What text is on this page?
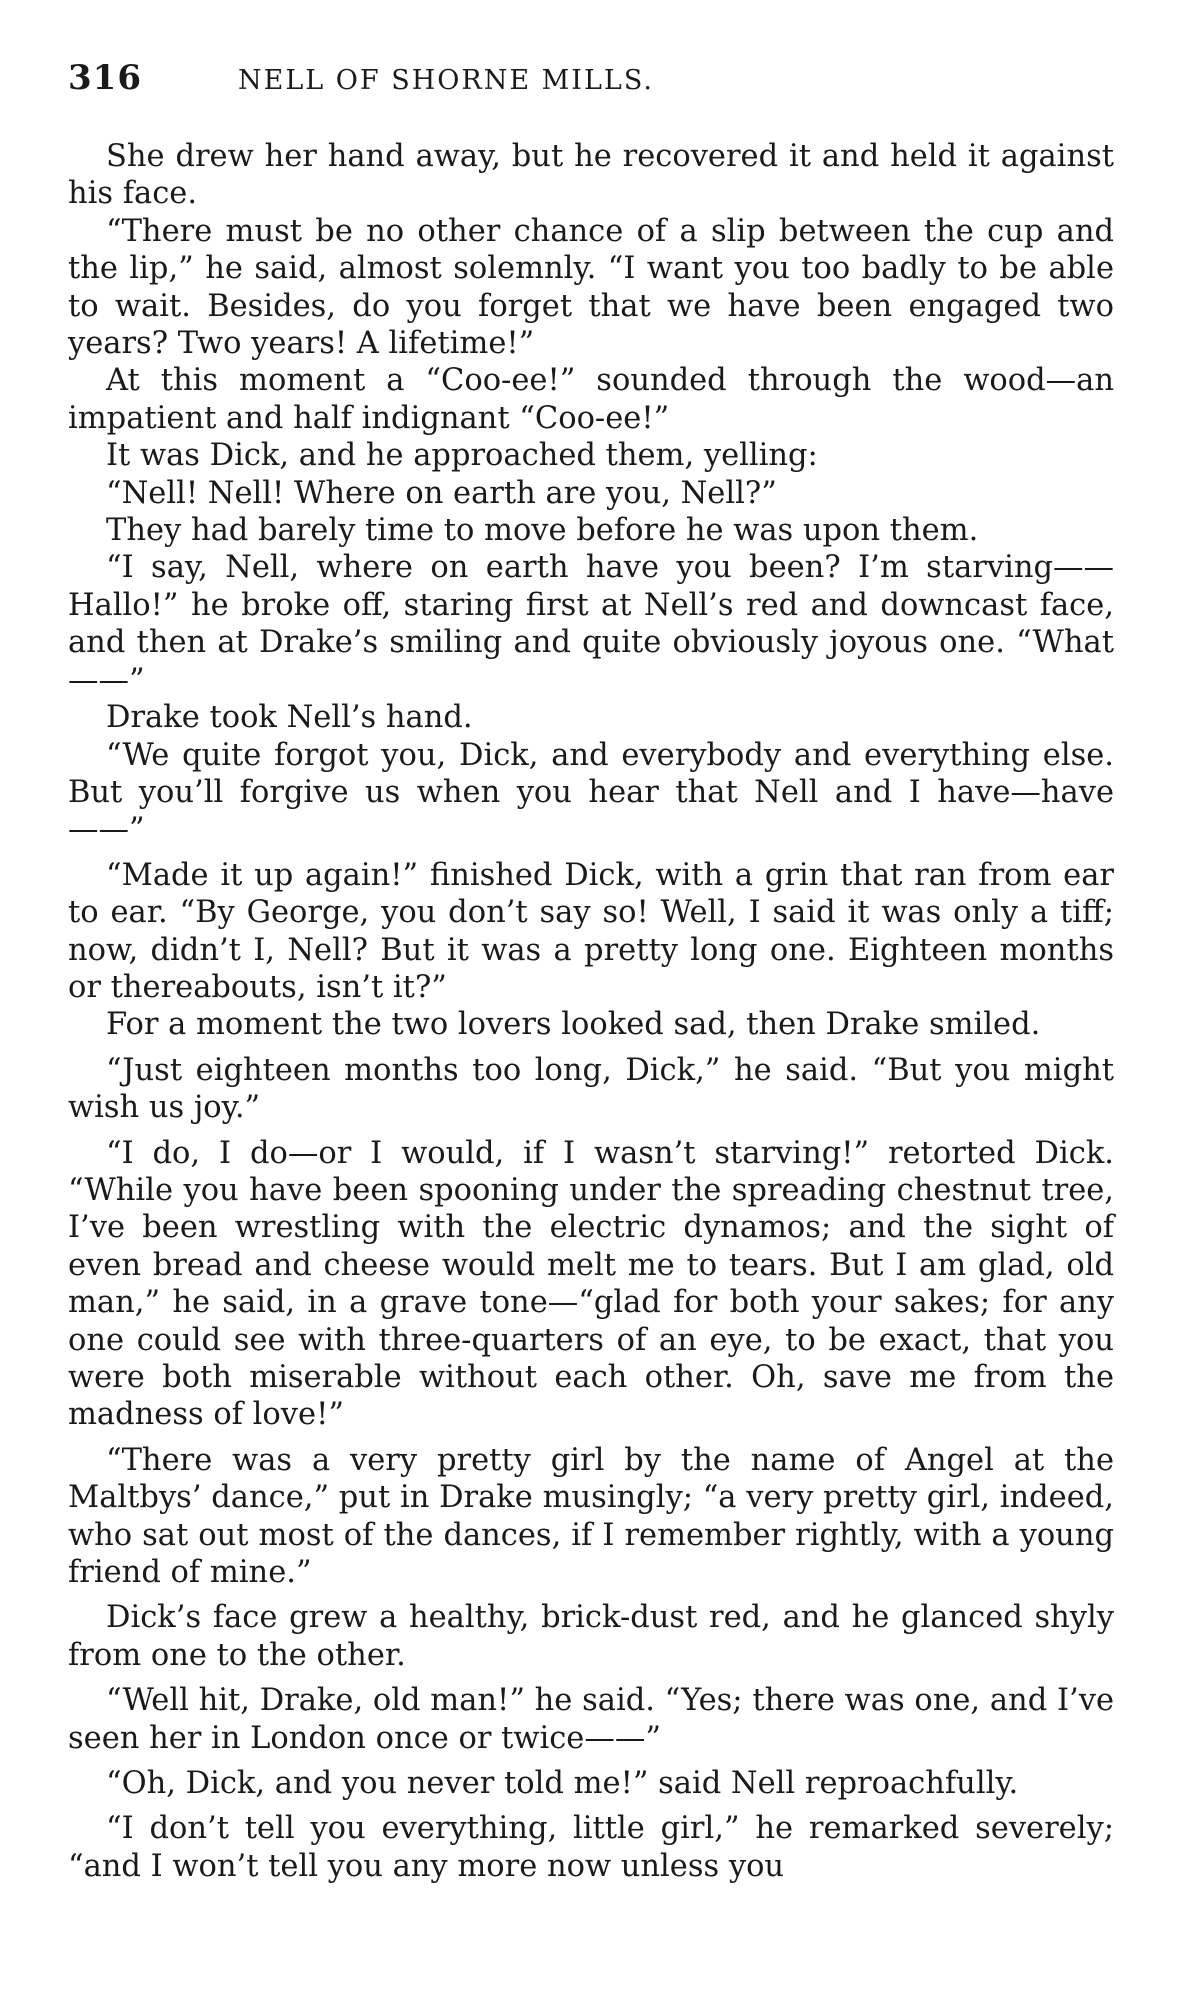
316	NELL OF SHORNE MILLS.

She drew her hand away, but he recovered it and held it against his face.

“There must be no other chance of a slip between the cup and the lip,” he said, almost solemnly. “I want you too badly to be able to wait. Besides, do you forget that we have been engaged two years? Two years! A lifetime!”

At this moment a “Coo-ee!” sounded through the wood—an impatient and half indignant “Coo-ee!”

It was Dick, and he approached them, yelling:

“Nell! Nell! Where on earth are you, Nell?”

They had barely time to move before he was upon them.

“I say, Nell, where on earth have you been? I’m starving—— Hallo!” he broke off, staring first at Nell’s red and downcast face, and then at Drake’s smiling and quite obviously joyous one. “What——”

Drake took Nell’s hand.

“We quite forgot you, Dick, and everybody and everything else. But you’ll forgive us when you hear that Nell and I have—have——”

“Made it up again!” finished Dick, with a grin that ran from ear to ear. “By George, you don’t say so! Well, I said it was only a tiff; now, didn’t I, Nell? But it was a pretty long one. Eighteen months or thereabouts, isn’t it?”

For a moment the two lovers looked sad, then Drake smiled.

“Just eighteen months too long, Dick,” he said. “But you might wish us joy.”

“I do, I do—or I would, if I wasn’t starving!” retorted Dick. “While you have been spooning under the spreading chestnut tree, I’ve been wrestling with the electric dynamos; and the sight of even bread and cheese would melt me to tears. But I am glad, old man,” he said, in a grave tone—“glad for both your sakes; for any one could see with three-quarters of an eye, to be exact, that you were both miserable without each other. Oh, save me from the madness of love!”

“There was a very pretty girl by the name of Angel at the Maltbys’ dance,” put in Drake musingly; “a very pretty girl, indeed, who sat out most of the dances, if I remember rightly, with a young friend of mine.”

Dick’s face grew a healthy, brick-dust red, and he glanced shyly from one to the other.

“Well hit, Drake, old man!” he said. “Yes; there was one, and I’ve seen her in London once or twice——”

“Oh, Dick, and you never told me!” said Nell reproachfully.

“I don’t tell you everything, little girl,” he remarked severely; “and I won’t tell you any more now unless you
